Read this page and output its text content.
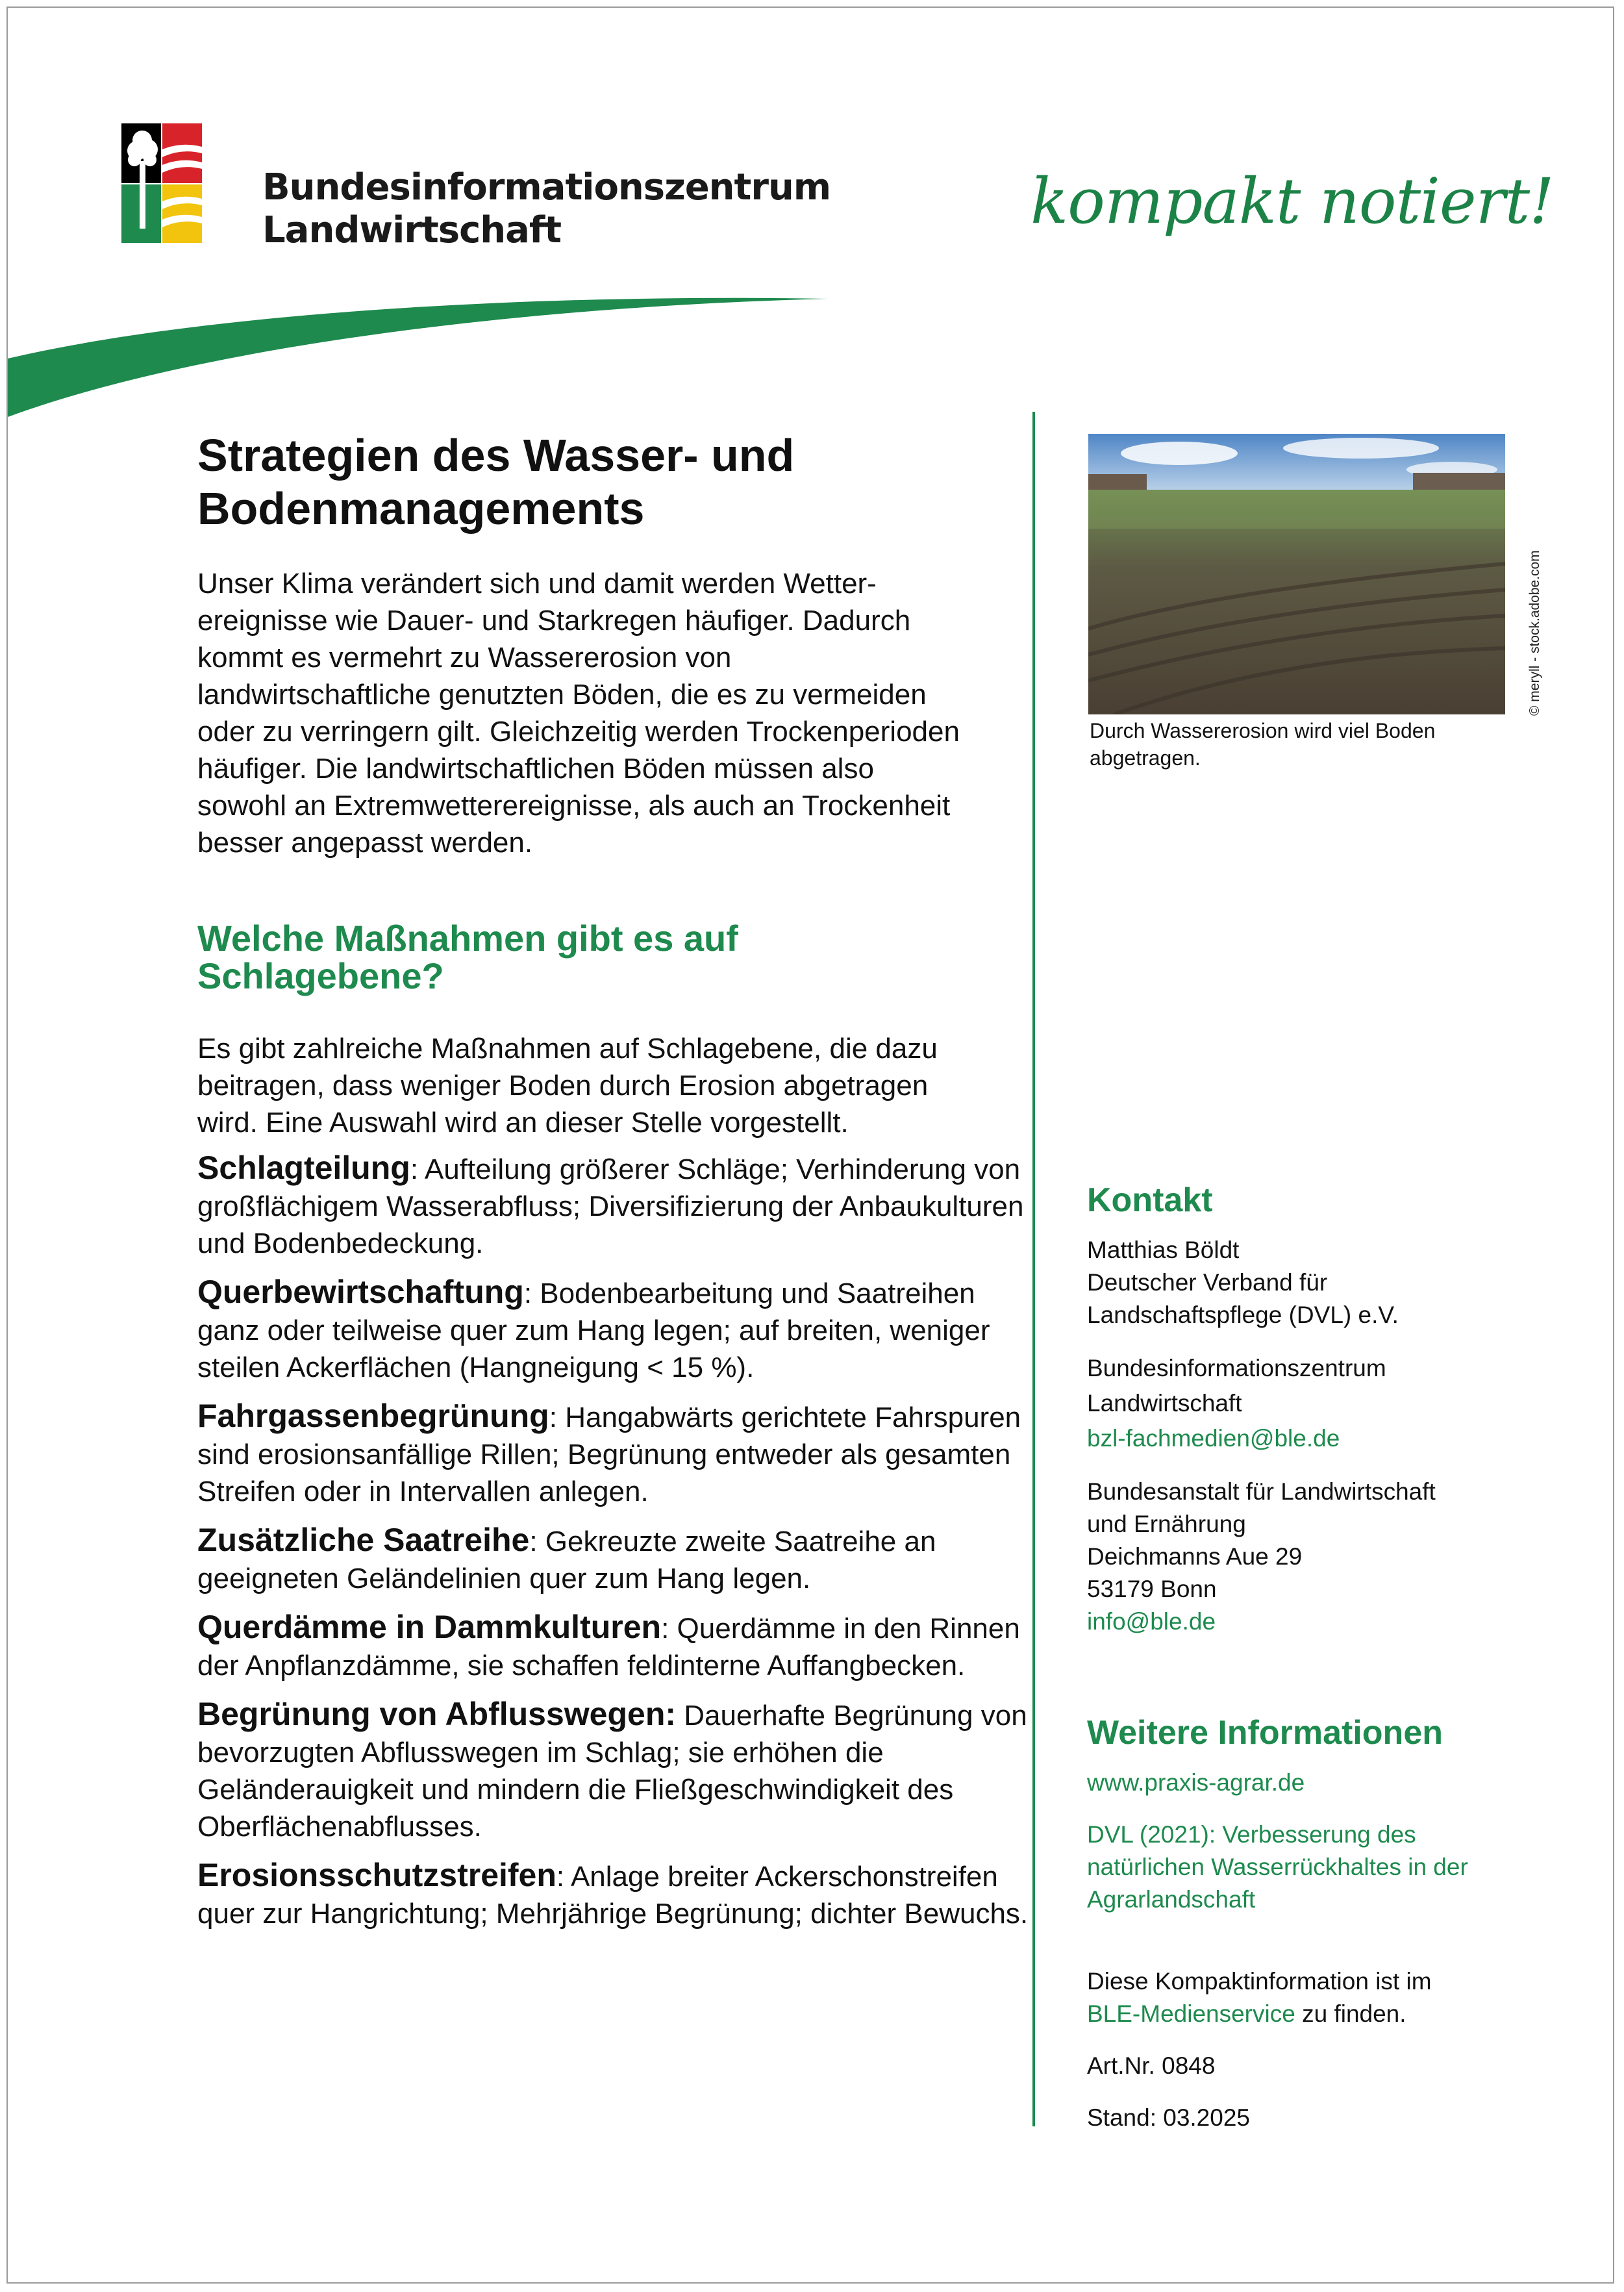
Bundesinformationszentrum
Landwirtschaft	kompakt notiert!
Strategien des Wasser- und
Bodenmanagements
Unser Klima verändert sich und damit werden Wetter-
ereignisse wie Dauer- und Starkregen häufiger. Dadurch
kommt es vermehrt zu Wassererosion von
landwirtschaftliche genutzten Böden, die es zu vermeiden
oder zu verringern gilt. Gleichzeitig werden Trockenperioden
häufiger. Die landwirtschaftlichen Böden müssen also
sowohl an Extremwetterereignisse, als auch an Trockenheit
besser angepasst werden.
Welche Maßnahmen gibt es auf
Schlagebene?
Es gibt zahlreiche Maßnahmen auf Schlagebene, die dazu
beitragen, dass weniger Boden durch Erosion abgetragen
wird. Eine Auswahl wird an dieser Stelle vorgestellt.
Schlagteilung: Aufteilung größerer Schläge; Verhinderung von großflächigem Wasserabfluss; Diversifizierung der Anbaukulturen und Bodenbedeckung.
Querbewirtschaftung: Bodenbearbeitung und Saatreihen ganz oder teilweise quer zum Hang legen; auf breiten, weniger steilen Ackerflächen (Hangneigung < 15 %).
Fahrgassenbegrünung: Hangabwärts gerichtete Fahrspuren sind erosionsanfällige Rillen; Begrünung entweder als gesamten Streifen oder in Intervallen anlegen.
Zusätzliche Saatreihe: Gekreuzte zweite Saatreihe an geeigneten Geländelinien quer zum Hang legen.
Querdämme in Dammkulturen: Querdämme in den Rinnen der Anpflanzdämme, sie schaffen feldinterne Auffangbecken.
Begrünung von Abflusswegen: Dauerhafte Begrünung von bevorzugten Abflusswegen im Schlag; sie erhöhen die Geländerauigkeit und mindern die Fließgeschwindigkeit des Oberflächenabflusses.
Erosionsschutzstreifen: Anlage breiter Ackerschonstreifen quer zur Hangrichtung; Mehrjährige Begrünung; dichter Bewuchs.
Durch Wassererosion wird viel Boden abgetragen.
© meryll - stock.adobe.com
Kontakt
Matthias Böldt
Deutscher Verband für
Landschaftspflege (DVL) e.V.
Bundesinformationszentrum
Landwirtschaft
bzl-fachmedien@ble.de
Bundesanstalt für Landwirtschaft
und Ernährung
Deichmanns Aue 29
53179 Bonn
info@ble.de
Weitere Informationen
www.praxis-agrar.de
DVL (2021): Verbesserung des
natürlichen Wasserrückhaltes in der
Agrarlandschaft
Diese Kompaktinformation ist im
BLE-Medienservice zu finden.
Art.Nr. 0848
Stand: 03.2025
